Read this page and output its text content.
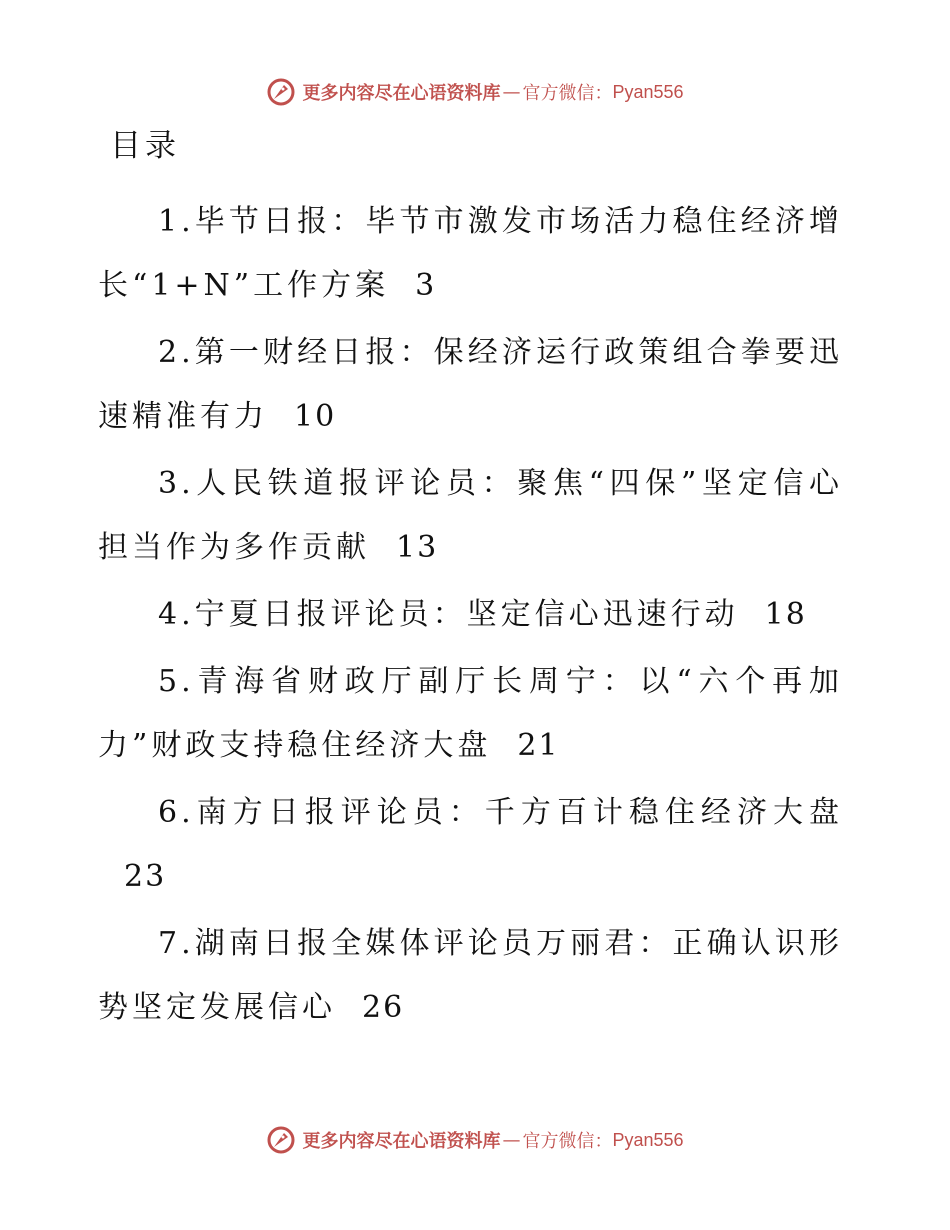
更多内容尽在心语资料库 — 官方微信： Pyan556
目录
1.毕节日报：毕节市激发市场活力稳住经济增长“1+N”工作方案 3
2.第一财经日报：保经济运行政策组合拳要迅速精准有力 10
3.人民铁道报评论员：聚焦“四保”坚定信心担当作为多作贡献 13
4.宁夏日报评论员：坚定信心迅速行动 18
5.青海省财政厅副厅长周宁：以“六个再加力”财政支持稳住经济大盘 21
6.南方日报评论员：千方百计稳住经济大盘23
7.湖南日报全媒体评论员万丽君：正确认识形势坚定发展信心 26
更多内容尽在心语资料库 — 官方微信： Pyan556
